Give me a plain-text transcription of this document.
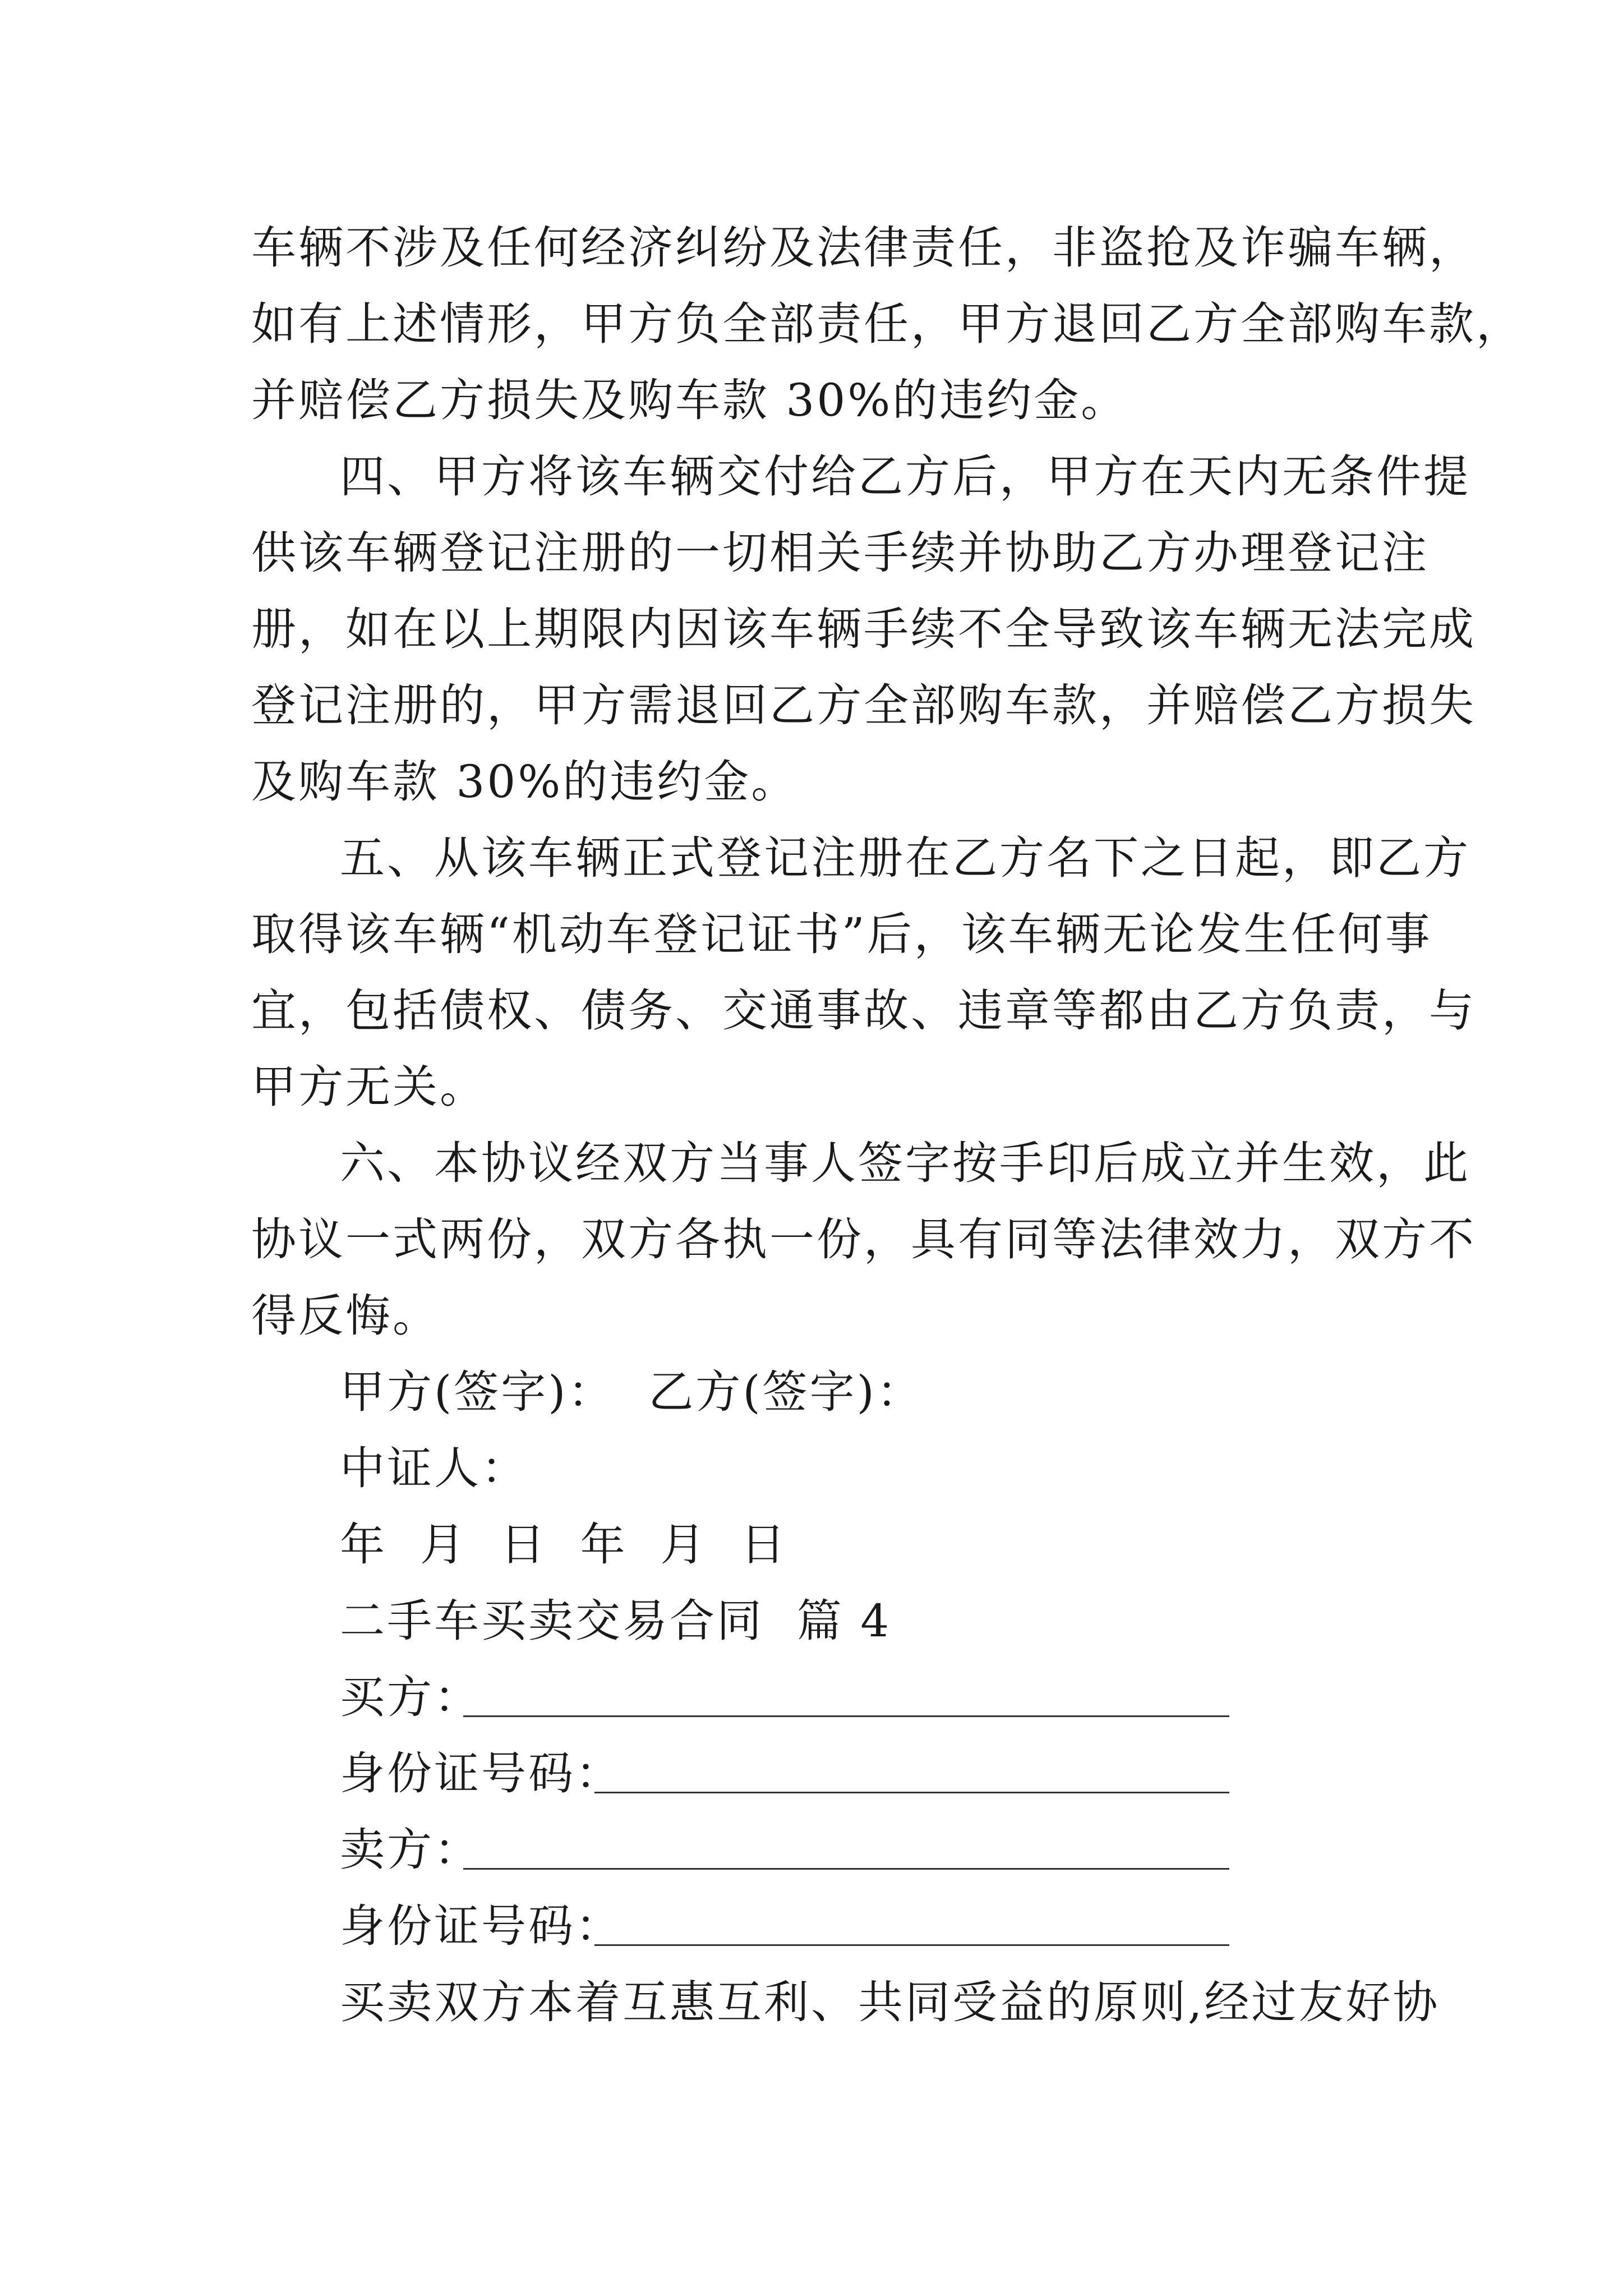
车辆不涉及任何经济纠纷及法律责任，非盗抢及诈骗车辆，
如有上述情形，甲方负全部责任，甲方退回乙方全部购车款，
并赔偿乙方损失及购车款 30%的违约金。
四、甲方将该车辆交付给乙方后，甲方在天内无条件提
供该车辆登记注册的一切相关手续并协助乙方办理登记注
册，如在以上期限内因该车辆手续不全导致该车辆无法完成
登记注册的，甲方需退回乙方全部购车款，并赔偿乙方损失
及购车款 30%的违约金。
五、从该车辆正式登记注册在乙方名下之日起，即乙方
取得该车辆“机动车登记证书”后，该车辆无论发生任何事
宜，包括债权、债务、交通事故、违章等都由乙方负责，与
甲方无关。
六、本协议经双方当事人签字按手印后成立并生效，此
协议一式两份，双方各执一份，具有同等法律效力，双方不
得反悔。
甲方(签字)： 乙方(签字)：
中证人：
年  月  日  年  月  日
二手车买卖交易合同  篇 4
买方：
身份证号码：
卖方：
身份证号码：
买卖双方本着互惠互利、共同受益的原则,经过友好协
